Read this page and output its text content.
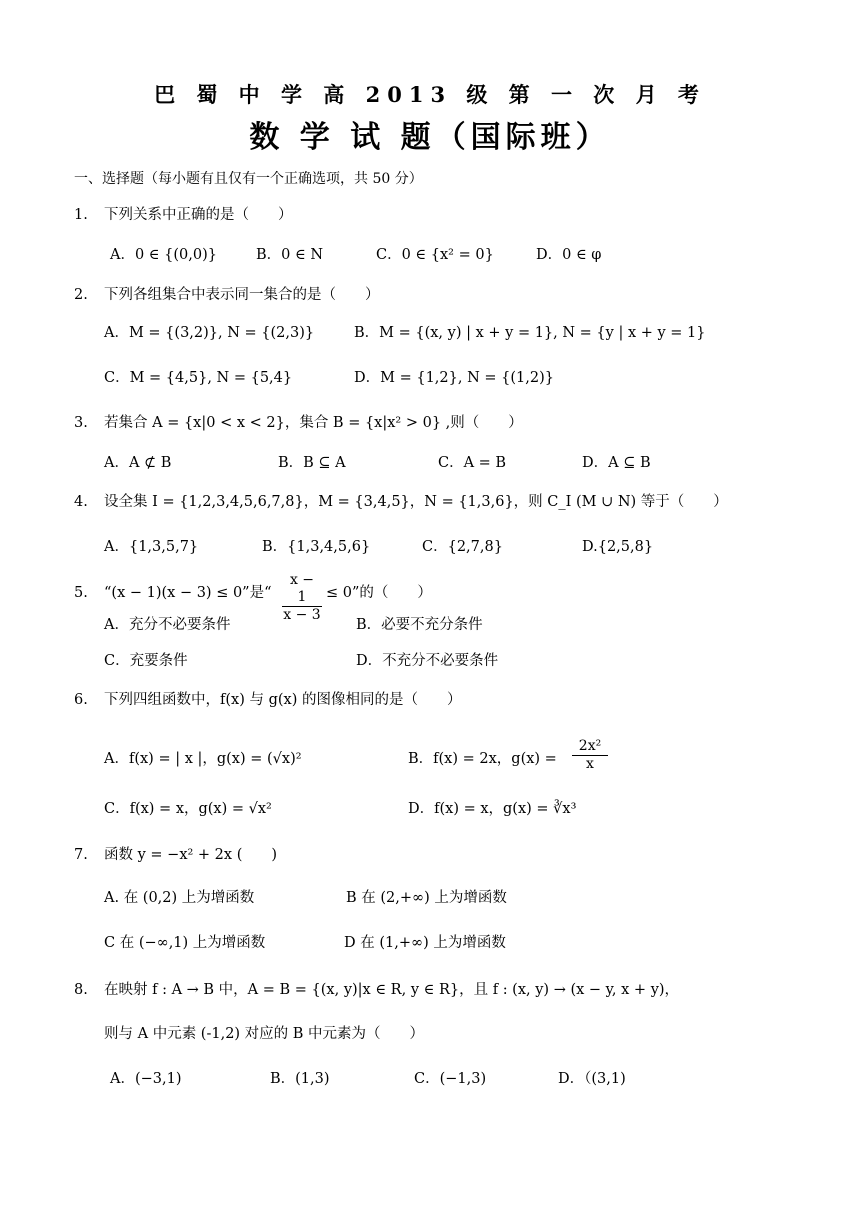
巴 蜀 中 学 高 2013 级 第 一 次 月 考
数 学 试 题（国际班）
一、选择题（每小题有且仅有一个正确选项，共 50 分）
1. 下列关系中正确的是（　　）
A．0 ∈ {(0,0)}	B．0 ∈ N	C．0 ∈ {x² = 0}	D．0 ∈ φ
2. 下列各组集合中表示同一集合的是（　　）
A．M = {(3,2)}, N = {(2,3)}	B．M = {(x, y) | x + y = 1}, N = {y | x + y = 1}
C．M = {4,5}, N = {5,4}	D．M = {1,2}, N = {(1,2)}
3. 若集合 A = {x|0 < x < 2}，集合 B = {x|x² > 0} ,则（　　）
A．A ⊄ B	B．B ⊆ A	C．A = B	D．A ⊆ B
4. 设全集 I = {1,2,3,4,5,6,7,8}，M = {3,4,5}，N = {1,3,6}，则 C_I (M ∪ N) 等于（　　）
A．{1,3,5,7}	B．{1,3,4,5,6}	C．{2,7,8}	D.{2,5,8}
5. “(x − 1)(x − 3) ≤ 0”是“ $\frac{x - 1}{x - 3} \le 0$”的（　　）
A．充分不必要条件	B．必要不充分条件
C．充要条件	D．不充分不必要条件
6. 下列四组函数中，f(x) 与 g(x) 的图像相同的是（　　）
A．f(x) = | x |，g(x) = (√x)²	B．f(x) = 2x，$g(x) = \frac{\text{2x²}}{x}$
C．f(x) = x，g(x) = √x²	D．f(x) = x，g(x) = ∛x³
7. 函数 y = −x² + 2x (　　)
A. 在 (0,2) 上为增函数	B 在 (2,+∞) 上为增函数
C 在 (−∞,1) 上为增函数	D 在 (1,+∞) 上为增函数
8. 在映射 f : A → B 中，A = B = {(x, y)|x ∈ R, y ∈ R}，且 f : (x, y) → (x − y, x + y)，
则与 A 中元素 (-1,2) 对应的 B 中元素为（　　）
A．(−3,1)	B．(1,3)	C．(−1,3)	D．（(3,1)
